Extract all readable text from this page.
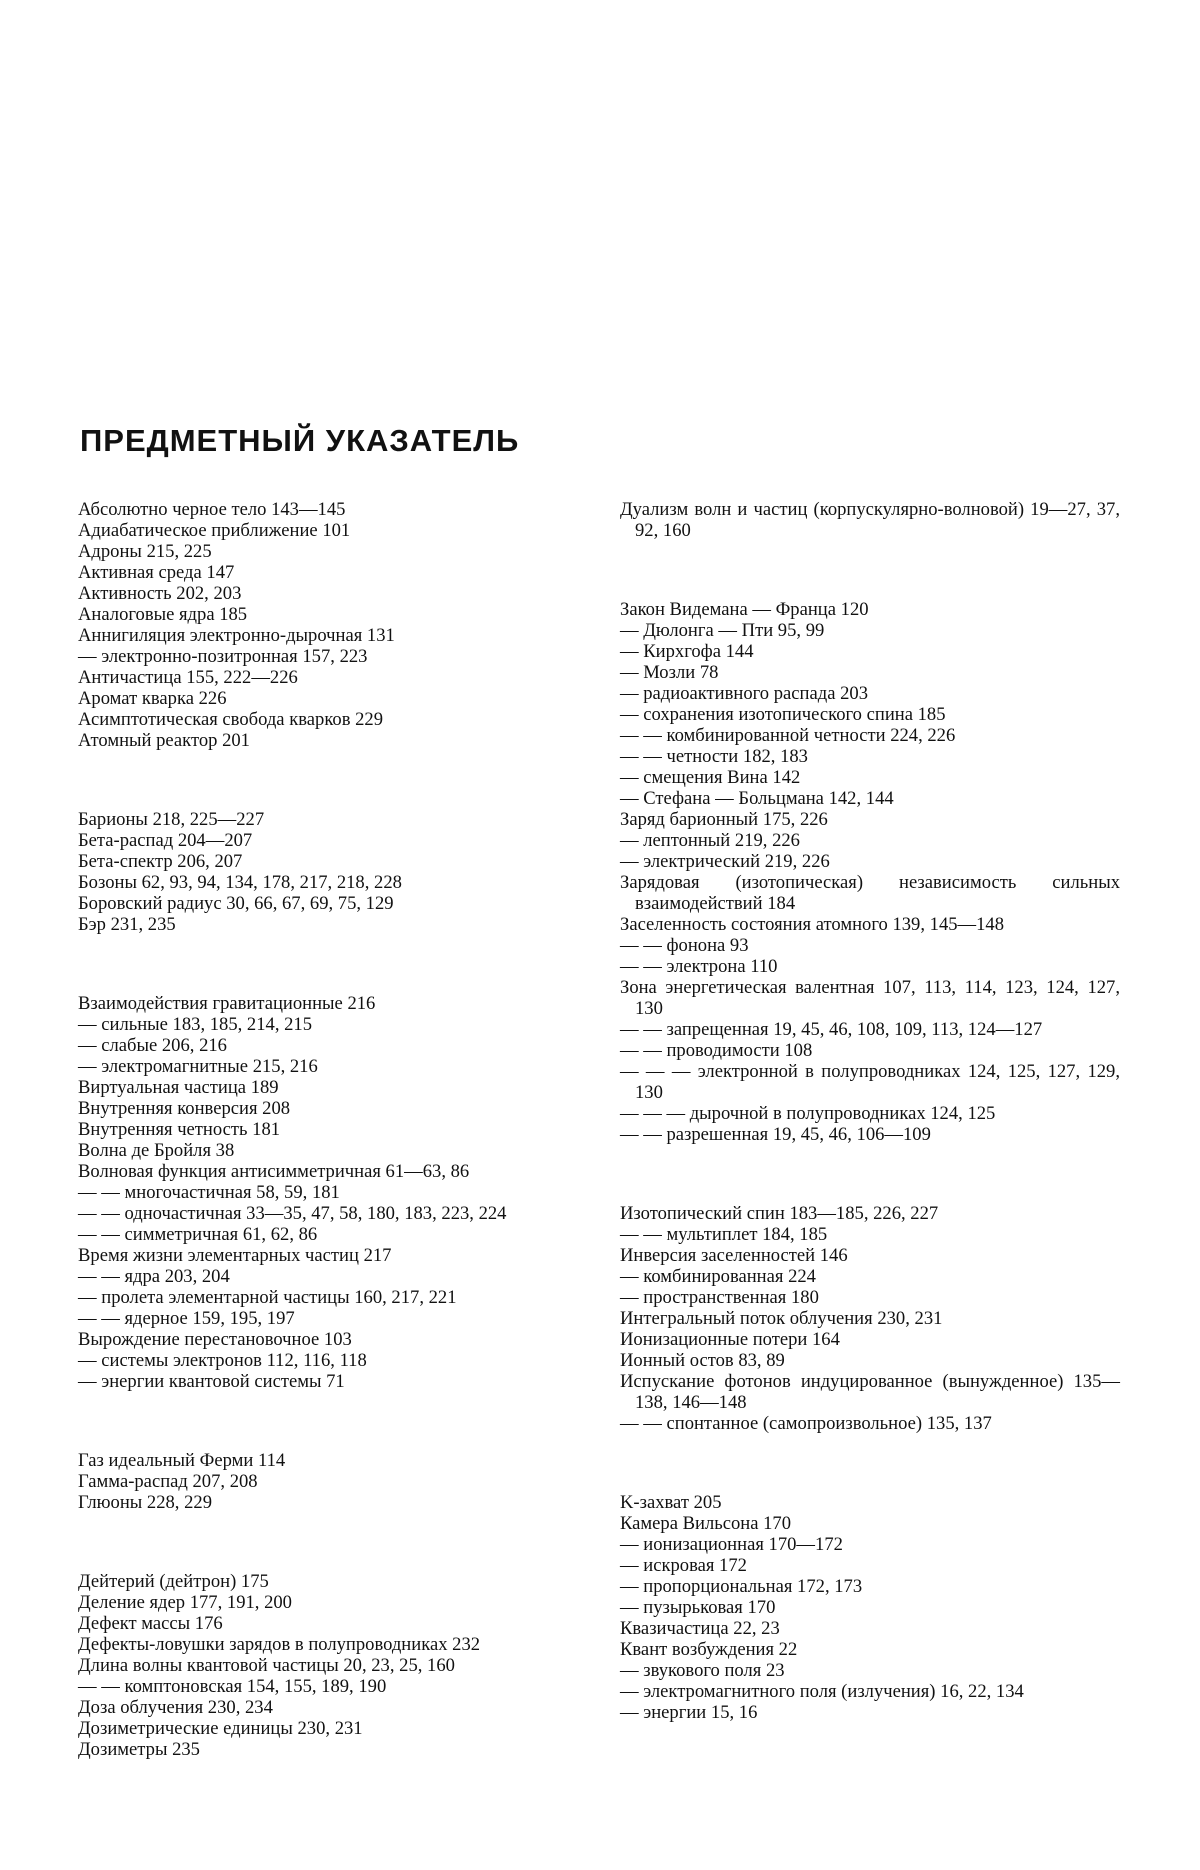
ПРЕДМЕТНЫЙ УКАЗАТЕЛЬ
Абсолютно черное тело 143—145
Адиабатическое приближение 101
Адроны 215, 225
Активная среда 147
Активность 202, 203
Аналоговые ядра 185
Аннигиляция электронно-дырочная 131
— электронно-позитронная 157, 223
Античастица 155, 222—226
Аромат кварка 226
Асимптотическая свобода кварков 229
Атомный реактор 201
Барионы 218, 225—227
Бета-распад 204—207
Бета-спектр 206, 207
Бозоны 62, 93, 94, 134, 178, 217, 218, 228
Боровский радиус 30, 66, 67, 69, 75, 129
Бэр 231, 235
Взаимодействия гравитационные 216
— сильные 183, 185, 214, 215
— слабые 206, 216
— электромагнитные 215, 216
Виртуальная частица 189
Внутренняя конверсия 208
Внутренняя четность 181
Волна де Бройля 38
Волновая функция антисимметричная 61—63, 86
— — многочастичная 58, 59, 181
— — одночастичная 33—35, 47, 58, 180, 183, 223, 224
— — симметричная 61, 62, 86
Время жизни элементарных частиц 217
— — ядра 203, 204
— пролета элементарной частицы 160, 217, 221
— — ядерное 159, 195, 197
Вырождение перестановочное 103
— системы электронов 112, 116, 118
— энергии квантовой системы 71
Газ идеальный Ферми 114
Гамма-распад 207, 208
Глюоны 228, 229
Дейтерий (дейтрон) 175
Деление ядер 177, 191, 200
Дефект массы 176
Дефекты-ловушки зарядов в полупроводниках 232
Длина волны квантовой частицы 20, 23, 25, 160
— — комптоновская 154, 155, 189, 190
Доза облучения 230, 234
Дозиметрические единицы 230, 231
Дозиметры 235
Дуализм волн и частиц (корпускулярно-волновой) 19—27, 37, 92, 160
Закон Видемана — Франца 120
— Дюлонга — Пти 95, 99
— Кирхгофа 144
— Мозли 78
— радиоактивного распада 203
— сохранения изотопического спина 185
— — комбинированной четности 224, 226
— — четности 182, 183
— смещения Вина 142
— Стефана — Больцмана 142, 144
Заряд барионный 175, 226
— лептонный 219, 226
— электрический 219, 226
Зарядовая (изотопическая) независимость сильных взаимодействий 184
Заселенность состояния атомного 139, 145—148
— — фонона 93
— — электрона 110
Зона энергетическая валентная 107, 113, 114, 123, 124, 127, 130
— — запрещенная 19, 45, 46, 108, 109, 113, 124—127
— — проводимости 108
— — — электронной в полупроводниках 124, 125, 127, 129, 130
— — — дырочной в полупроводниках 124, 125
— — разрешенная 19, 45, 46, 106—109
Изотопический спин 183—185, 226, 227
— — мультиплет 184, 185
Инверсия заселенностей 146
— комбинированная 224
— пространственная 180
Интегральный поток облучения 230, 231
Ионизационные потери 164
Ионный остов 83, 89
Испускание фотонов индуцированное (вынужденное) 135—138, 146—148
— — спонтанное (самопроизвольное) 135, 137
K-захват 205
Камера Вильсона 170
— ионизационная 170—172
— искровая 172
— пропорциональная 172, 173
— пузырьковая 170
Квазичастица 22, 23
Квант возбуждения 22
— звукового поля 23
— электромагнитного поля (излучения) 16, 22, 134
— энергии 15, 16
